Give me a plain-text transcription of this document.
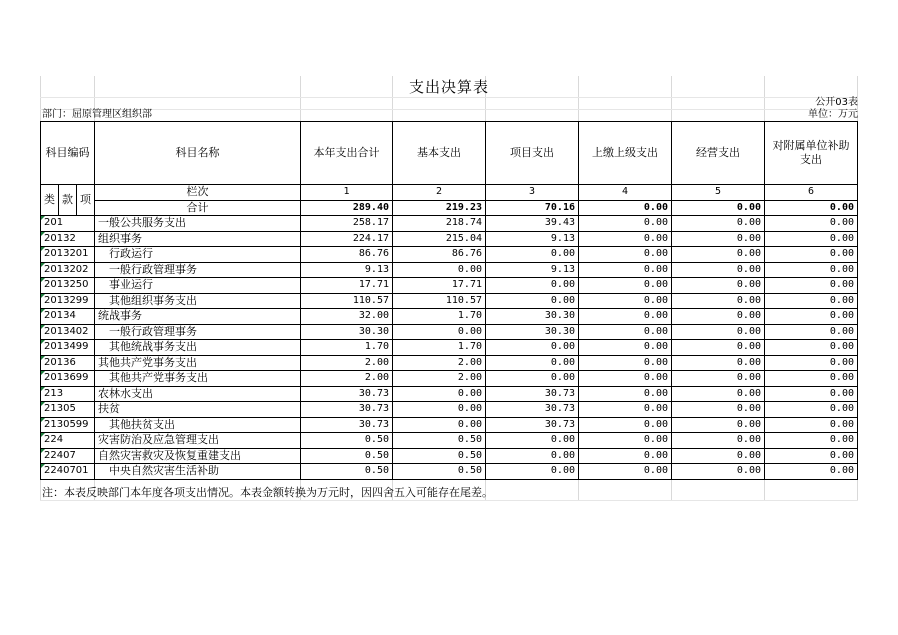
支出决算表
公开03表
部门：屈原管理区组织部	单位：万元
科目编码			科目名称	本年支出合计	基本支出	项目支出	上缴上级支出	经营支出	对附属单位补助支出
类	款	项	栏次	1	2	3	4	5	6
			合计	289.40	219.23	70.16	0.00	0.00	0.00

201			一般公共服务支出	258.17	218.74	39.43	0.00	0.00	0.00

20132			组织事务	224.17	215.04	9.13	0.00	0.00	0.00

2013201			行政运行	86.76	86.76	0.00	0.00	0.00	0.00

2013202			一般行政管理事务	9.13	0.00	9.13	0.00	0.00	0.00

2013250			事业运行	17.71	17.71	0.00	0.00	0.00	0.00

2013299			其他组织事务支出	110.57	110.57	0.00	0.00	0.00	0.00

20134			统战事务	32.00	1.70	30.30	0.00	0.00	0.00

2013402			一般行政管理事务	30.30	0.00	30.30	0.00	0.00	0.00

2013499			其他统战事务支出	1.70	1.70	0.00	0.00	0.00	0.00

20136			其他共产党事务支出	2.00	2.00	0.00	0.00	0.00	0.00

2013699			其他共产党事务支出	2.00	2.00	0.00	0.00	0.00	0.00

213			农林水支出	30.73	0.00	30.73	0.00	0.00	0.00

21305			扶贫	30.73	0.00	30.73	0.00	0.00	0.00

2130599			其他扶贫支出	30.73	0.00	30.73	0.00	0.00	0.00

224			灾害防治及应急管理支出	0.50	0.50	0.00	0.00	0.00	0.00

22407			自然灾害救灾及恢复重建支出	0.50	0.50	0.00	0.00	0.00	0.00

2240701			中央自然灾害生活补助	0.50	0.50	0.00	0.00	0.00	0.00
注：本表反映部门本年度各项支出情况。本表金额转换为万元时，因四舍五入可能存在尾差。
